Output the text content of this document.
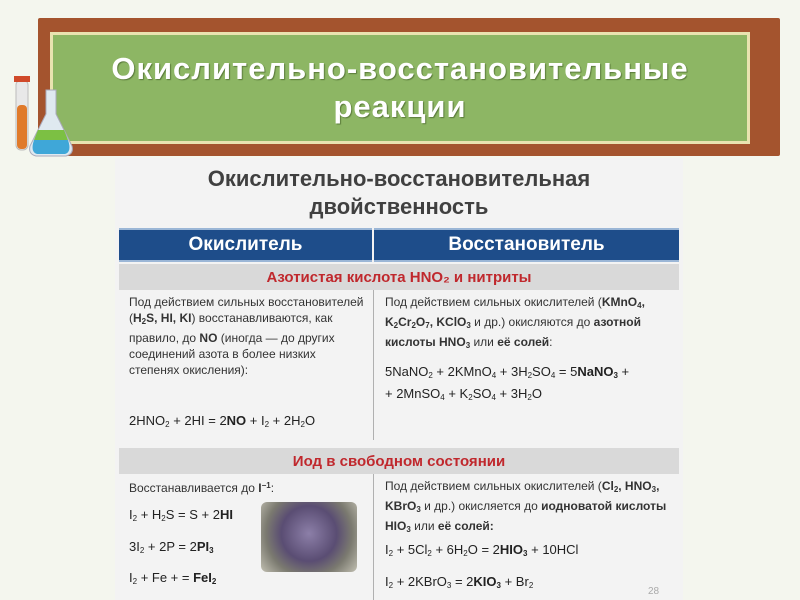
Окислительно-восстановительные
реакции
Окислительно-восстановительная
двойственность
Окислитель	Восстановитель
Азотистая кислота HNO₂ и нитриты
Под действием сильных восстановителей ($H_2S$, HI, KI) восстанавливаются, как правило, до NO (иногда — до других соединений азота в более низких степенях окисления):
$2HNO_2 + 2HI = 2NO + I_2 + 2H_2O$
Под действием сильных окислителей (KMnO$_4$, $K_2Cr_2O_7$, KClO$_3$ и др.) окисляются до азотной кислоты $HNO_3$ или её солей:
5NaNO$_2$ + 2KMnO$_4$ + $3H_2SO_4$ = 5NaNO$_3$ +
+ 2MnSO$_4$ + $K_2SO_4 + 3H_2O$
Иод в свободном состоянии
Восстанавливается до $I^{-1}$:
$I_2 + H_2S = S + 2HI$
$3I_2 + 2P = 2PI_3$
$I_2 + Fe$ + = FeI$_2$
Под действием сильных окислителей ($Cl_2$, $HNO_3$, KBrO$_3$ и др.) окисляется до иодноватой кислоты $HIO_3$ или её солей:
$I_2 + 5Cl_2 + 6H_2O = 2HIO_3 + 10HCl$
$I_2$ + 2KBrO$_3$ = $2KIO_3 + Br_2$
28
